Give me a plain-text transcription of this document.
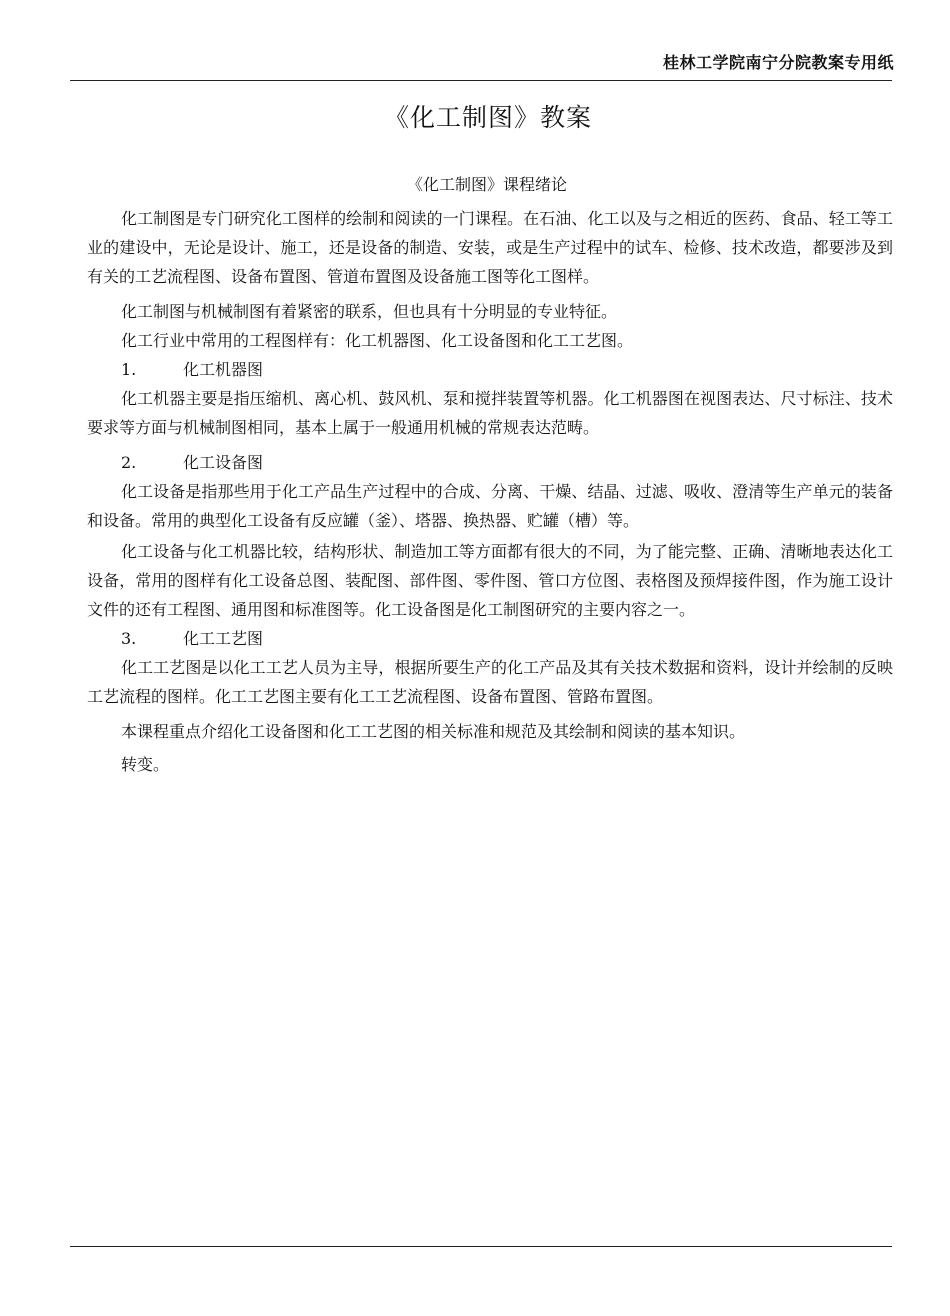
桂林工学院南宁分院教案专用纸
《化工制图》教案
《化工制图》课程绪论

化工制图是专门研究化工图样的绘制和阅读的一门课程。在石油、化工以及与之相近的医药、食品、轻工等工业的建设中，无论是设计、施工，还是设备的制造、安装，或是生产过程中的试车、检修、技术改造，都要涉及到有关的工艺流程图、设备布置图、管道布置图及设备施工图等化工图样。

化工制图与机械制图有着紧密的联系，但也具有十分明显的专业特征。

化工行业中常用的工程图样有：化工机器图、化工设备图和化工工艺图。

1.	化工机器图

化工机器主要是指压缩机、离心机、鼓风机、泵和搅拌装置等机器。化工机器图在视图表达、尺寸标注、技术要求等方面与机械制图相同，基本上属于一般通用机械的常规表达范畴。

2.	化工设备图

化工设备是指那些用于化工产品生产过程中的合成、分离、干燥、结晶、过滤、吸收、澄清等生产单元的装备和设备。常用的典型化工设备有反应罐（釜）、塔器、换热器、贮罐（槽）等。

化工设备与化工机器比较，结构形状、制造加工等方面都有很大的不同，为了能完整、正确、清晰地表达化工设备，常用的图样有化工设备总图、装配图、部件图、零件图、管口方位图、表格图及预焊接件图，作为施工设计文件的还有工程图、通用图和标准图等。化工设备图是化工制图研究的主要内容之一。

3.	化工工艺图

化工工艺图是以化工工艺人员为主导，根据所要生产的化工产品及其有关技术数据和资料，设计并绘制的反映工艺流程的图样。化工工艺图主要有化工工艺流程图、设备布置图、管路布置图。

本课程重点介绍化工设备图和化工工艺图的相关标准和规范及其绘制和阅读的基本知识。

转变。
